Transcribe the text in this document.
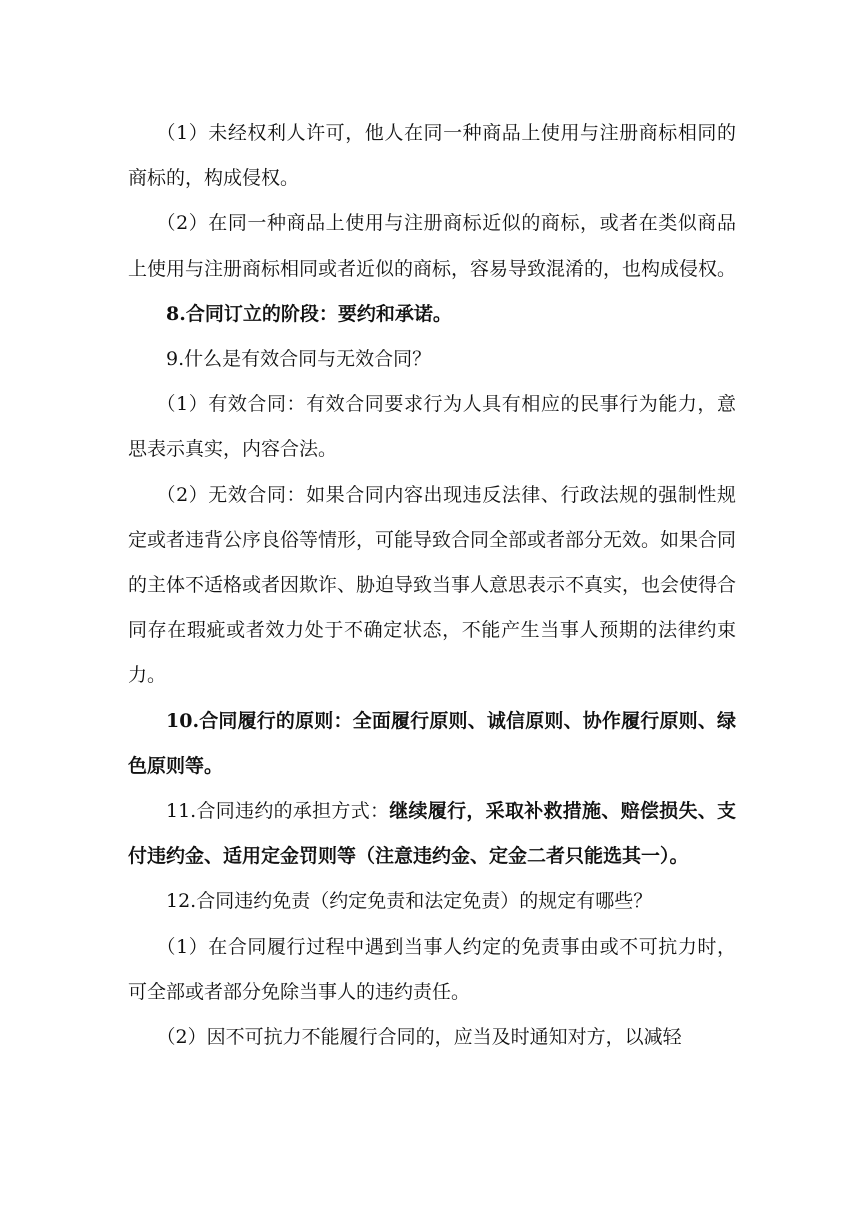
（1）未经权利人许可，他人在同一种商品上使用与注册商标相同的商标的，构成侵权。

（2）在同一种商品上使用与注册商标近似的商标，或者在类似商品上使用与注册商标相同或者近似的商标，容易导致混淆的，也构成侵权。

8.合同订立的阶段：要约和承诺。

9.什么是有效合同与无效合同？

（1）有效合同：有效合同要求行为人具有相应的民事行为能力，意思表示真实，内容合法。

（2）无效合同：如果合同内容出现违反法律、行政法规的强制性规定或者违背公序良俗等情形，可能导致合同全部或者部分无效。如果合同的主体不适格或者因欺诈、胁迫导致当事人意思表示不真实，也会使得合同存在瑕疵或者效力处于不确定状态，不能产生当事人预期的法律约束力。

10.合同履行的原则：全面履行原则、诚信原则、协作履行原则、绿色原则等。

11.合同违约的承担方式：继续履行，采取补救措施、赔偿损失、支付违约金、适用定金罚则等（注意违约金、定金二者只能选其一）。

12.合同违约免责（约定免责和法定免责）的规定有哪些？

（1）在合同履行过程中遇到当事人约定的免责事由或不可抗力时，可全部或者部分免除当事人的违约责任。

（2）因不可抗力不能履行合同的，应当及时通知对方，以减轻
